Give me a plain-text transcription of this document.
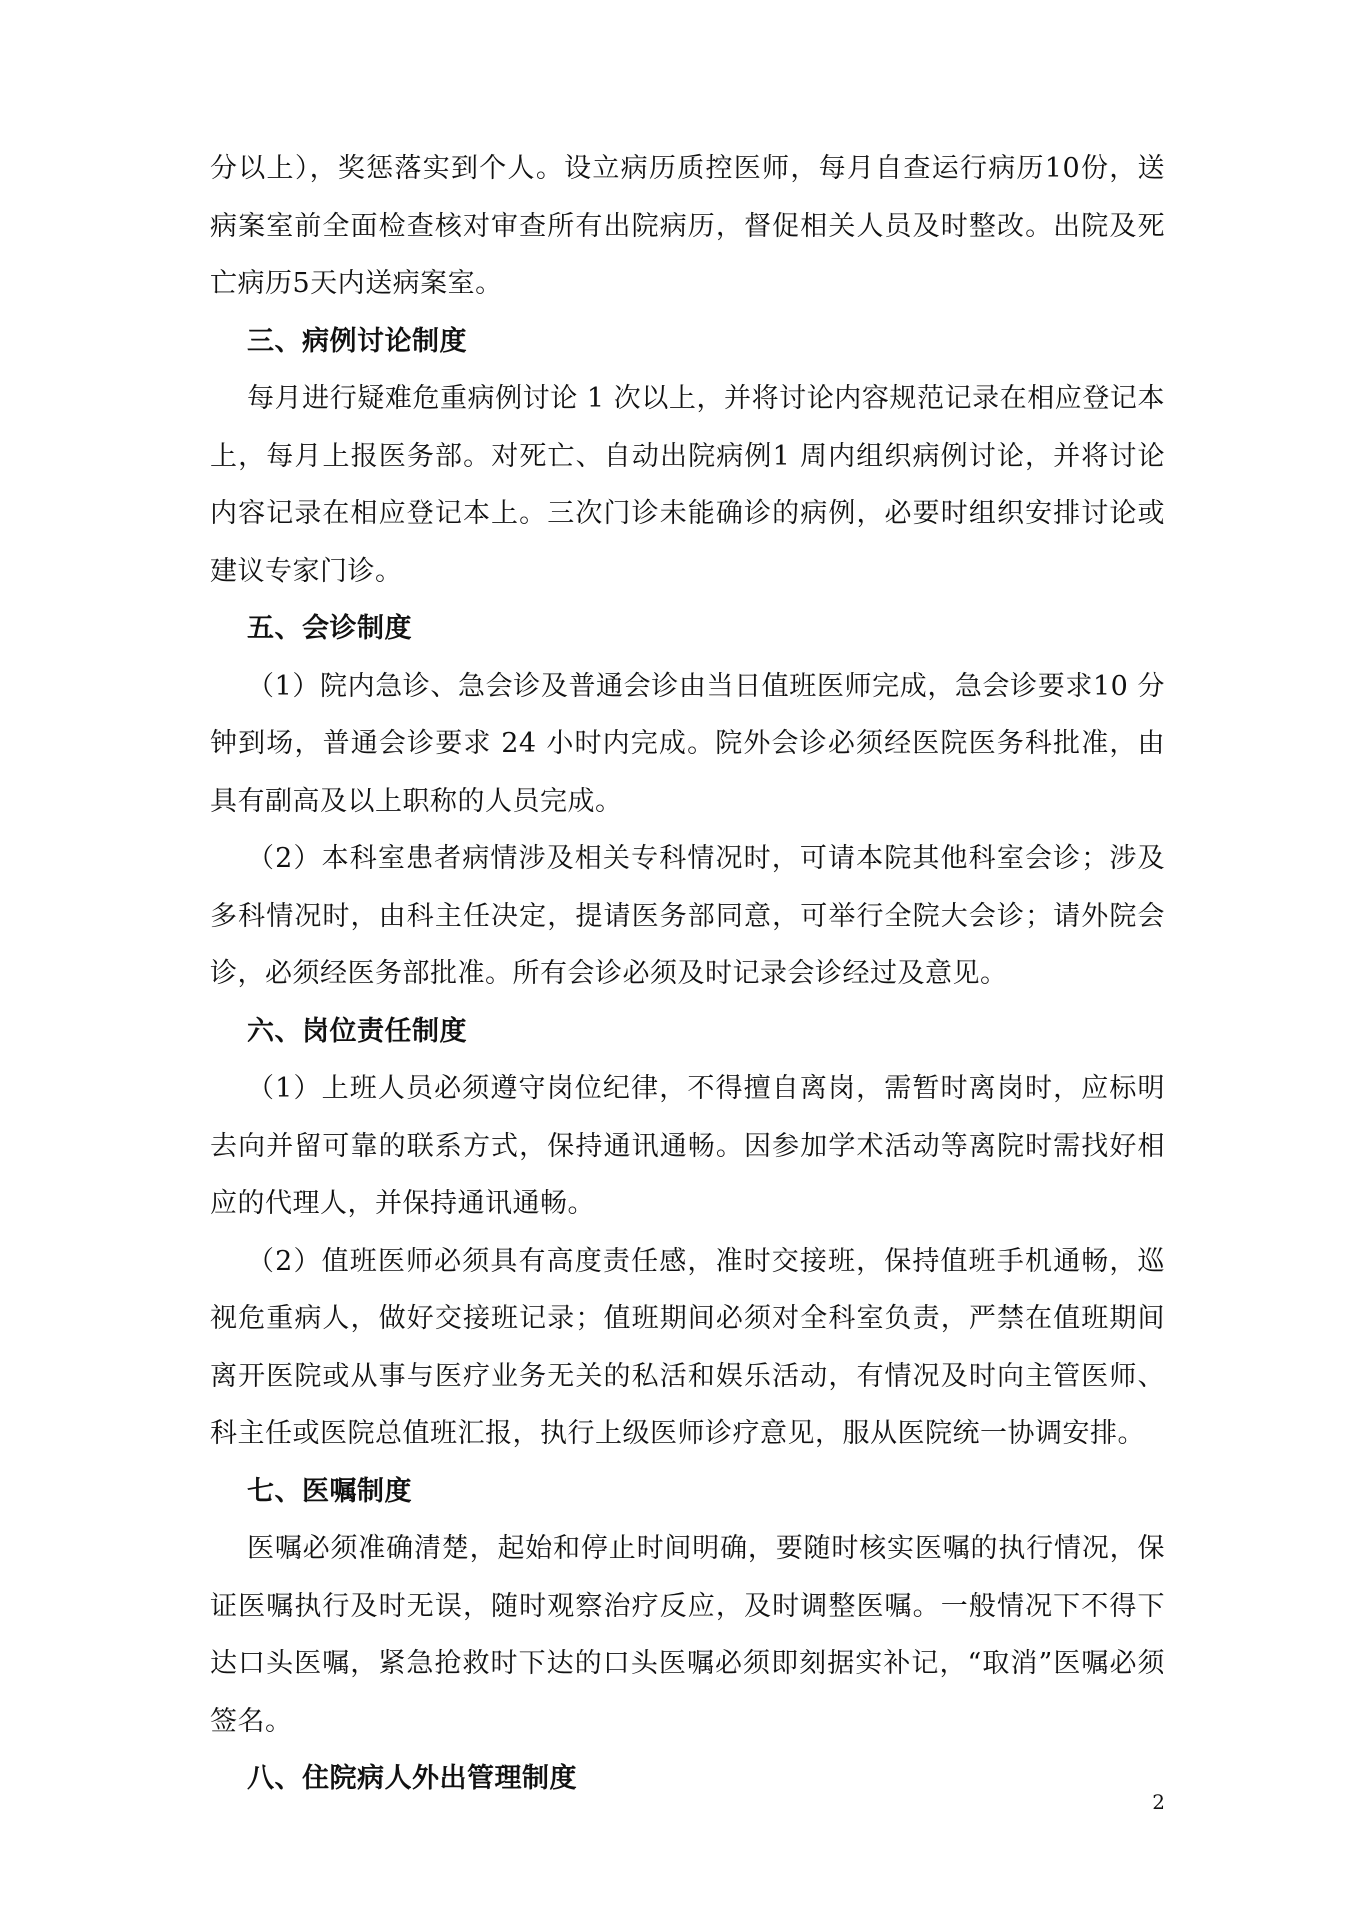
分以上），奖惩落实到个人。设立病历质控医师，每月自查运行病历10份，送病案室前全面检查核对审查所有出院病历，督促相关人员及时整改。出院及死亡病历5天内送病案室。

三、病例讨论制度

每月进行疑难危重病例讨论 1 次以上，并将讨论内容规范记录在相应登记本上，每月上报医务部。对死亡、自动出院病例1 周内组织病例讨论，并将讨论内容记录在相应登记本上。三次门诊未能确诊的病例，必要时组织安排讨论或建议专家门诊。

五、会诊制度

（1）院内急诊、急会诊及普通会诊由当日值班医师完成，急会诊要求10 分钟到场，普通会诊要求 24 小时内完成。院外会诊必须经医院医务科批准，由具有副高及以上职称的人员完成。

（2）本科室患者病情涉及相关专科情况时，可请本院其他科室会诊；涉及多科情况时，由科主任决定，提请医务部同意，可举行全院大会诊；请外院会诊，必须经医务部批准。所有会诊必须及时记录会诊经过及意见。

六、岗位责任制度

（1）上班人员必须遵守岗位纪律，不得擅自离岗，需暂时离岗时，应标明去向并留可靠的联系方式，保持通讯通畅。因参加学术活动等离院时需找好相应的代理人，并保持通讯通畅。

（2）值班医师必须具有高度责任感，准时交接班，保持值班手机通畅，巡视危重病人，做好交接班记录；值班期间必须对全科室负责，严禁在值班期间离开医院或从事与医疗业务无关的私活和娱乐活动，有情况及时向主管医师、科主任或医院总值班汇报，执行上级医师诊疗意见，服从医院统一协调安排。

七、医嘱制度

医嘱必须准确清楚，起始和停止时间明确，要随时核实医嘱的执行情况，保证医嘱执行及时无误，随时观察治疗反应，及时调整医嘱。一般情况下不得下达口头医嘱，紧急抢救时下达的口头医嘱必须即刻据实补记，“取消”医嘱必须签名。

八、住院病人外出管理制度
2
